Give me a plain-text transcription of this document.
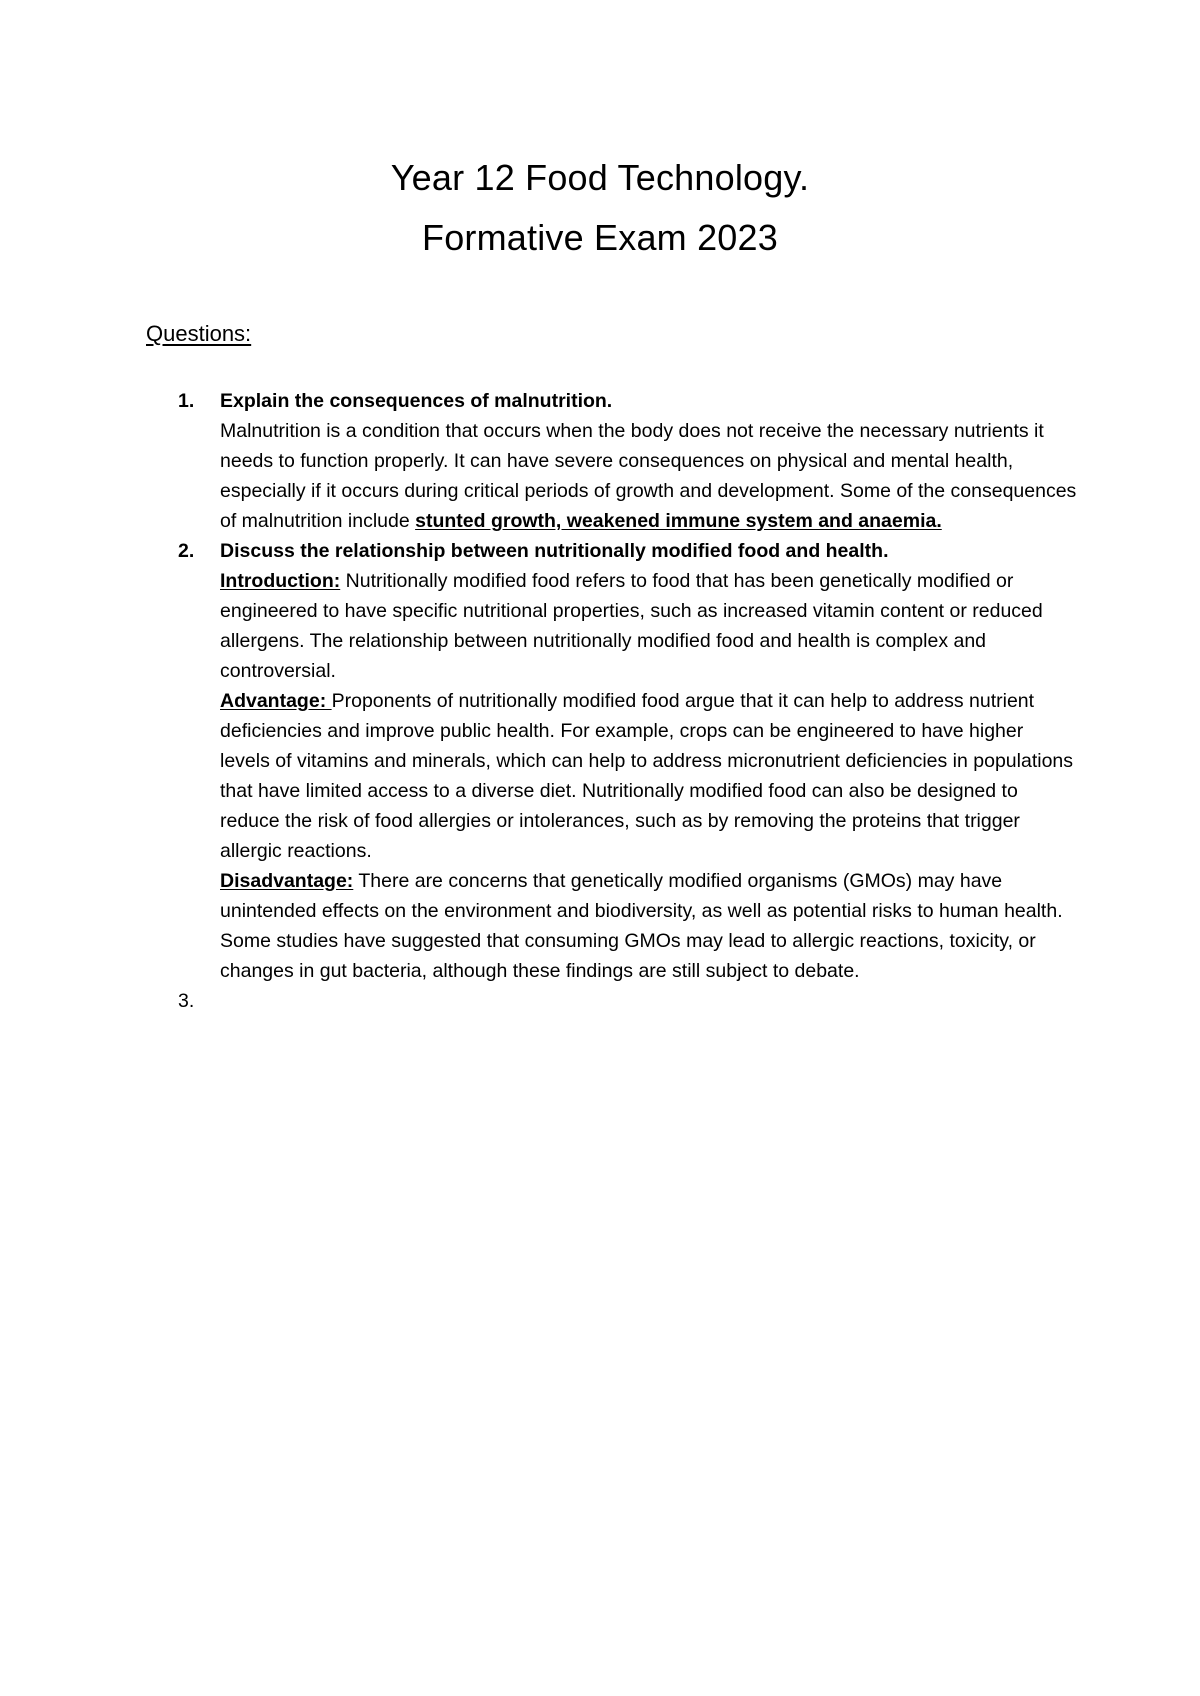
Year 12 Food Technology.

Formative Exam 2023

Questions:
1. Explain the consequences of malnutrition.
Malnutrition is a condition that occurs when the body does not receive the necessary nutrients it needs to function properly. It can have severe consequences on physical and mental health, especially if it occurs during critical periods of growth and development. Some of the consequences of malnutrition include stunted growth, weakened immune system and anaemia.
2. Discuss the relationship between nutritionally modified food and health.
Introduction: Nutritionally modified food refers to food that has been genetically modified or engineered to have specific nutritional properties, such as increased vitamin content or reduced allergens. The relationship between nutritionally modified food and health is complex and controversial.
Advantage: Proponents of nutritionally modified food argue that it can help to address nutrient deficiencies and improve public health. For example, crops can be engineered to have higher levels of vitamins and minerals, which can help to address micronutrient deficiencies in populations that have limited access to a diverse diet. Nutritionally modified food can also be designed to reduce the risk of food allergies or intolerances, such as by removing the proteins that trigger allergic reactions.
Disadvantage: There are concerns that genetically modified organisms (GMOs) may have unintended effects on the environment and biodiversity, as well as potential risks to human health. Some studies have suggested that consuming GMOs may lead to allergic reactions, toxicity, or changes in gut bacteria, although these findings are still subject to debate.
3.
